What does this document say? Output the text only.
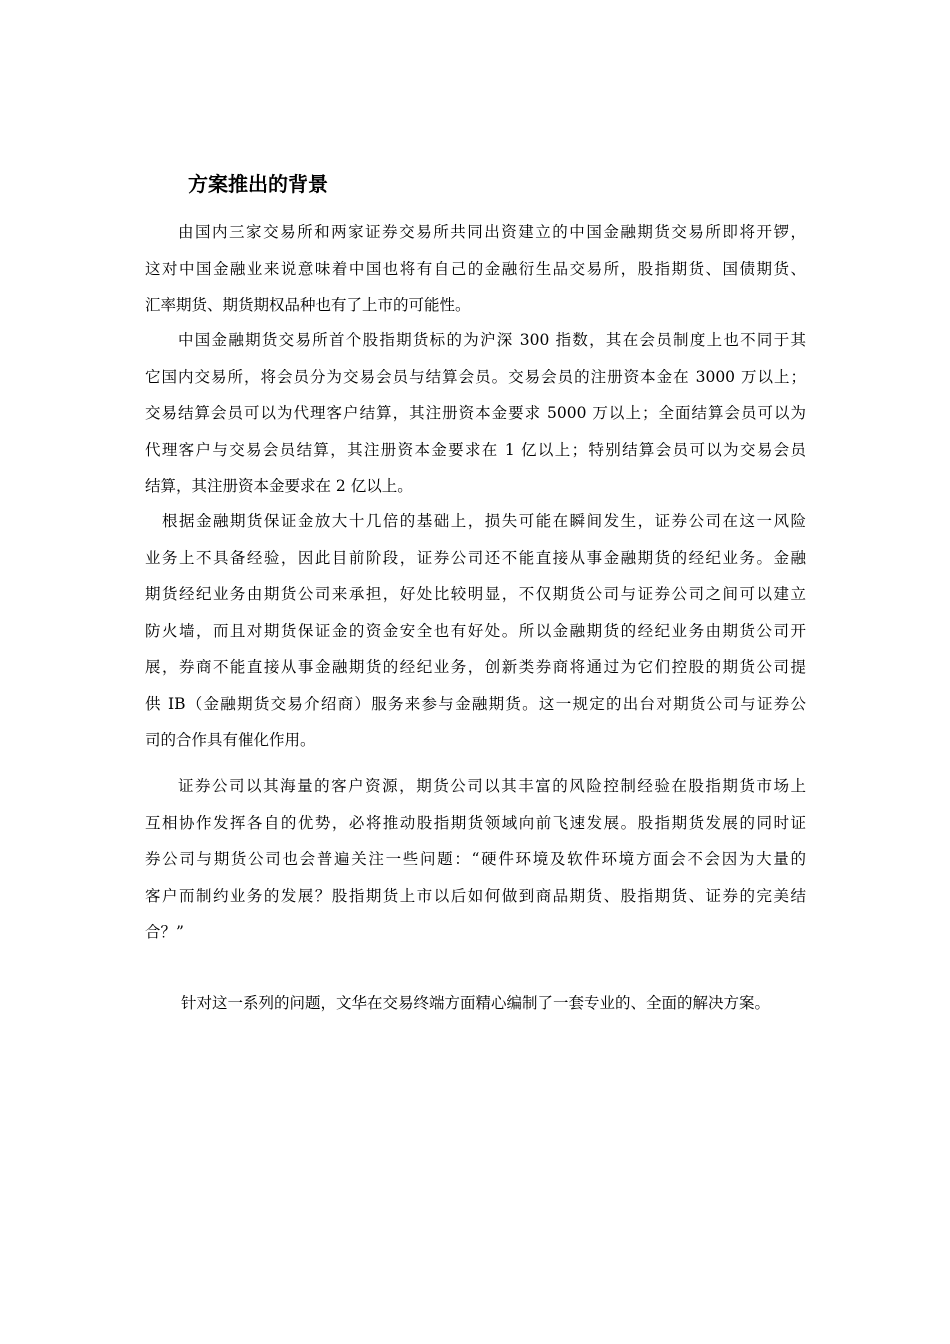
方案推出的背景
由国内三家交易所和两家证券交易所共同出资建立的中国金融期货交易所即将开锣，
这对中国金融业来说意味着中国也将有自己的金融衍生品交易所，股指期货、国债期货、
汇率期货、期货期权品种也有了上市的可能性。
中国金融期货交易所首个股指期货标的为沪深 300 指数，其在会员制度上也不同于其
它国内交易所，将会员分为交易会员与结算会员。交易会员的注册资本金在 3000 万以上；
交易结算会员可以为代理客户结算，其注册资本金要求 5000 万以上；全面结算会员可以为
代理客户与交易会员结算，其注册资本金要求在 1 亿以上；特别结算会员可以为交易会员
结算，其注册资本金要求在 2 亿以上。
根据金融期货保证金放大十几倍的基础上，损失可能在瞬间发生，证券公司在这一风险
业务上不具备经验，因此目前阶段，证券公司还不能直接从事金融期货的经纪业务。金融
期货经纪业务由期货公司来承担，好处比较明显，不仅期货公司与证券公司之间可以建立
防火墙，而且对期货保证金的资金安全也有好处。所以金融期货的经纪业务由期货公司开
展，券商不能直接从事金融期货的经纪业务，创新类券商将通过为它们控股的期货公司提
供 IB（金融期货交易介绍商）服务来参与金融期货。这一规定的出台对期货公司与证券公
司的合作具有催化作用。
证券公司以其海量的客户资源，期货公司以其丰富的风险控制经验在股指期货市场上
互相协作发挥各自的优势，必将推动股指期货领域向前飞速发展。股指期货发展的同时证
券公司与期货公司也会普遍关注一些问题：“硬件环境及软件环境方面会不会因为大量的
客户而制约业务的发展？股指期货上市以后如何做到商品期货、股指期货、证券的完美结
合？”
针对这一系列的问题，文华在交易终端方面精心编制了一套专业的、全面的解决方案。
